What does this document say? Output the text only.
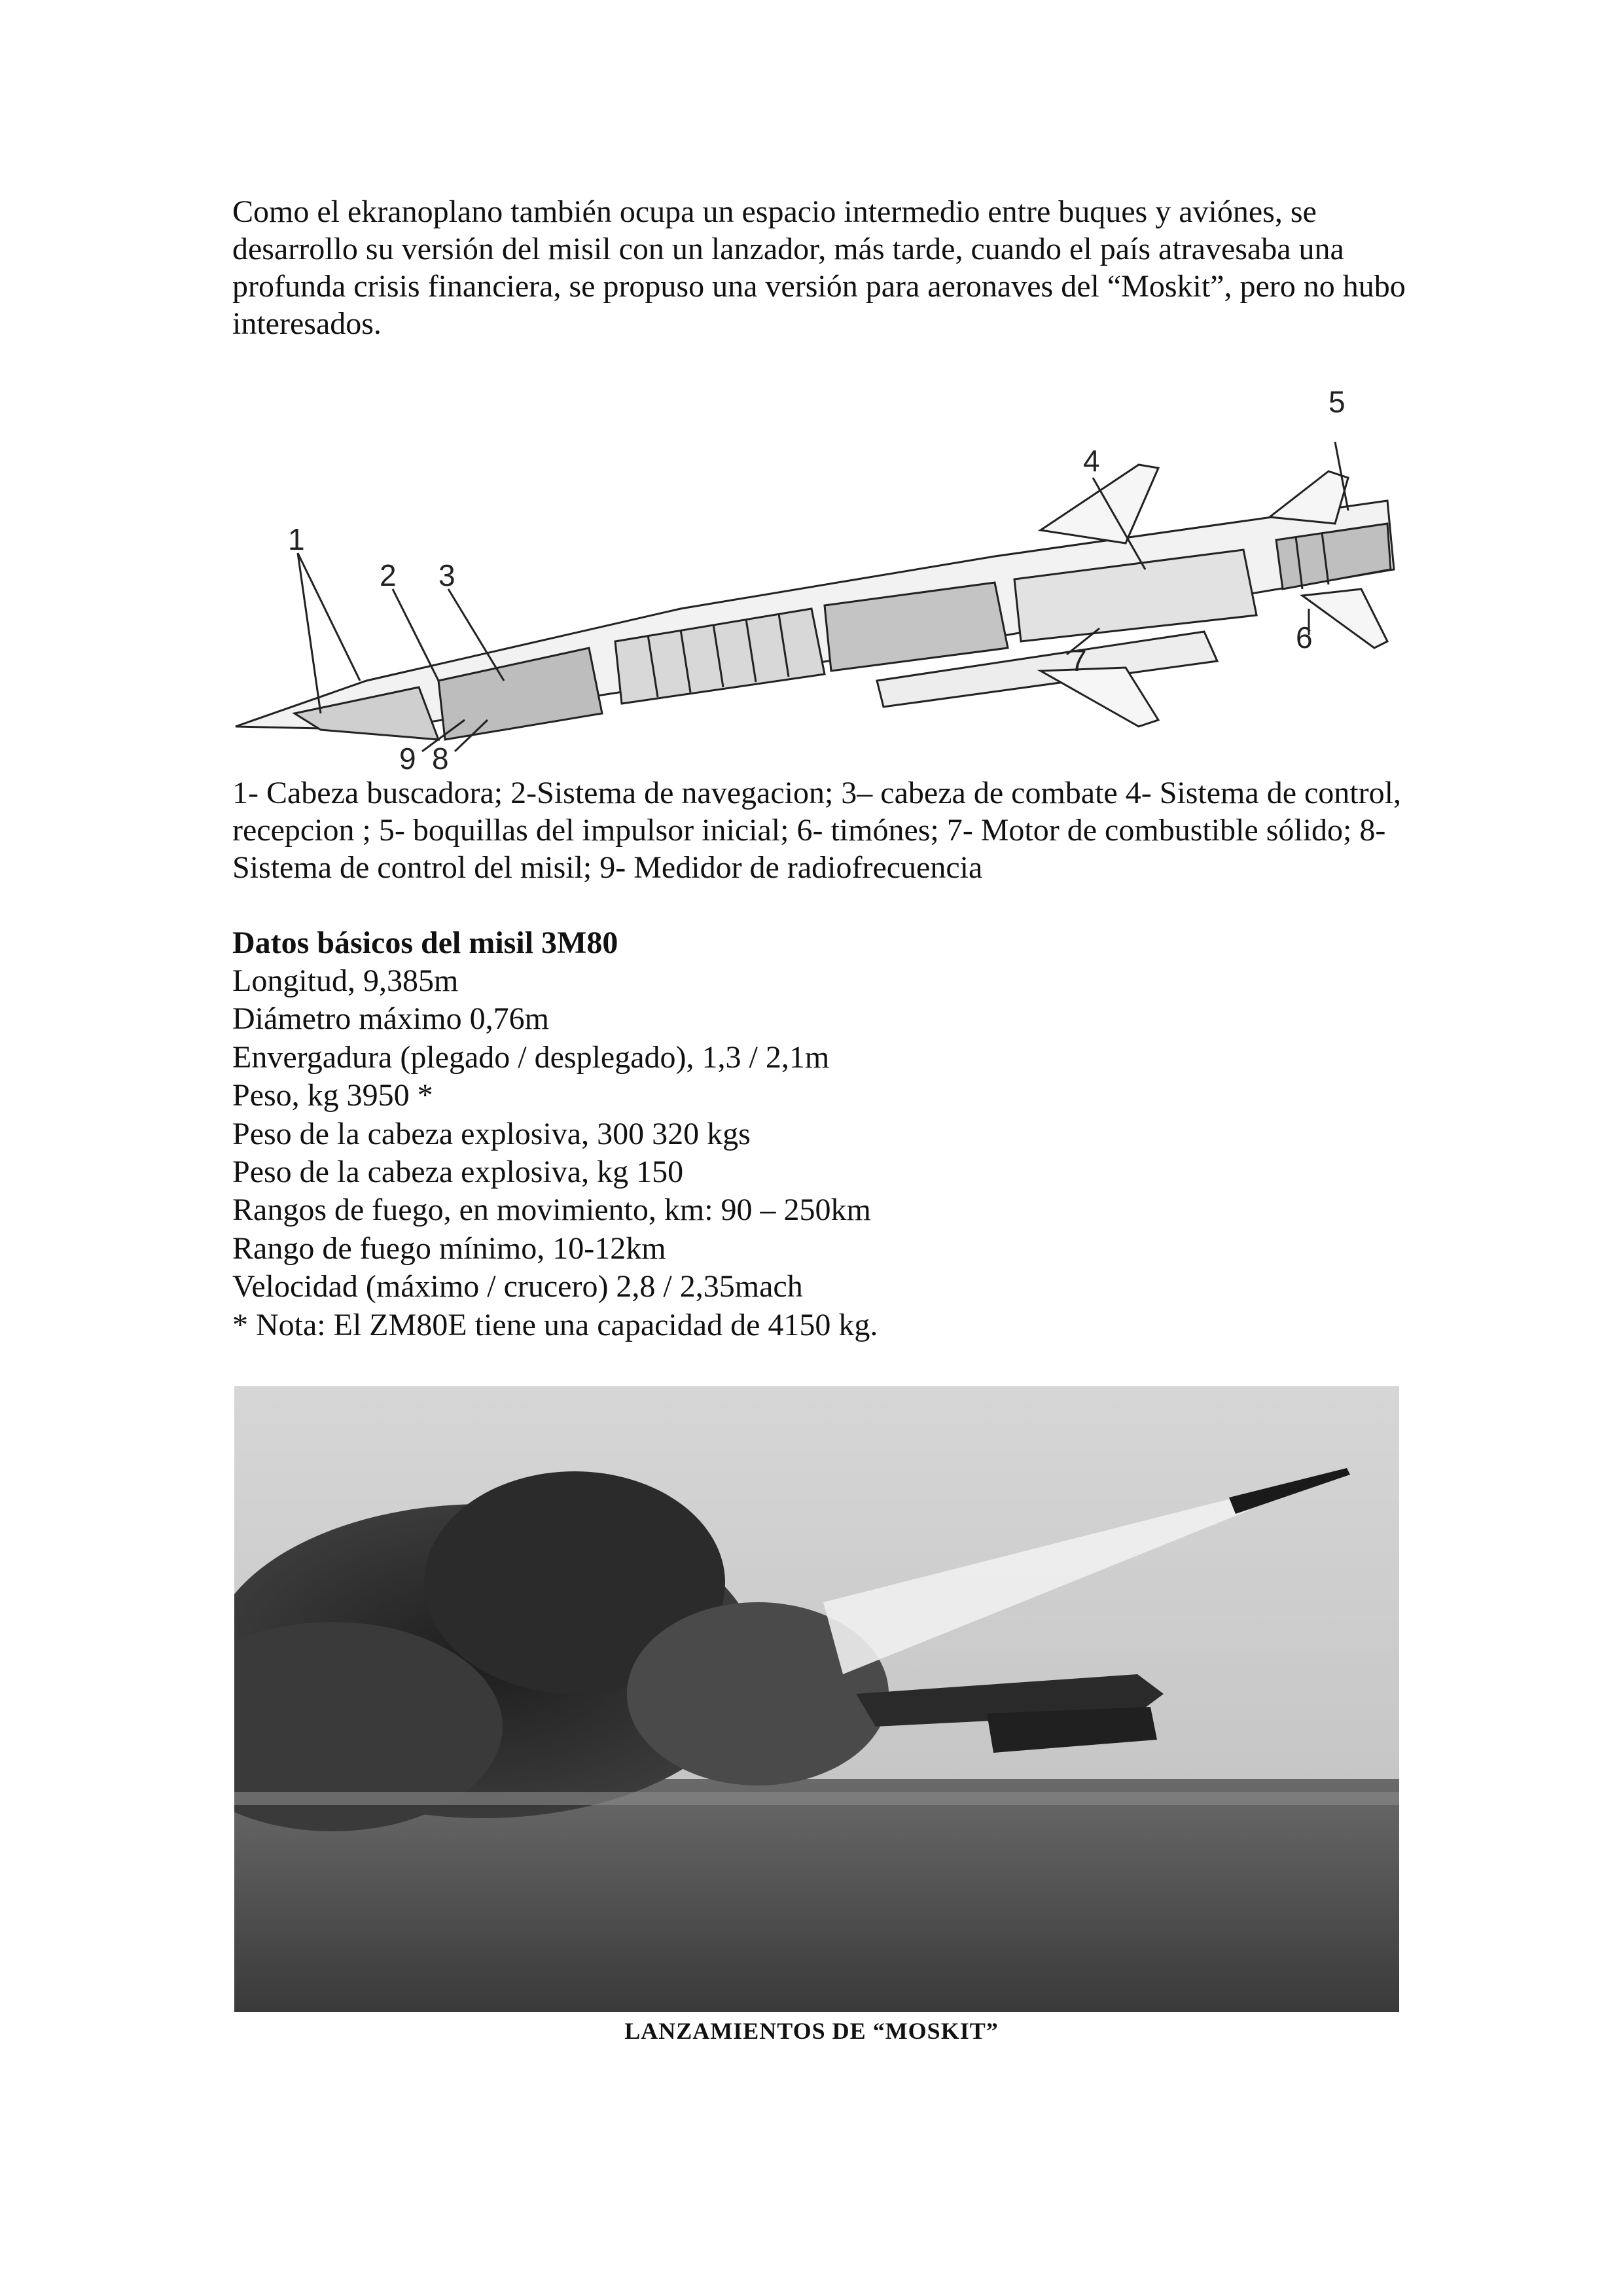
Como el ekranoplano también ocupa un espacio intermedio entre buques y aviónes, se desarrollo su versión del misil con un lanzador, más tarde, cuando el país atravesaba una profunda crisis financiera, se propuso una versión para aeronaves del “Moskit”, pero no hubo interesados.

1
2 3
4
5
6
7
8
9

1- Cabeza buscadora; 2-Sistema de navegacion; 3– cabeza de combate 4- Sistema de control, recepcion ; 5- boquillas del impulsor inicial; 6- timónes; 7- Motor de combustible sólido; 8- Sistema de control del misil; 9- Medidor de radiofrecuencia

Datos básicos del misil 3M80
Longitud, 9,385m
Diámetro máximo 0,76m
Envergadura (plegado / desplegado), 1,3 / 2,1m
Peso, kg 3950 *
Peso de la cabeza explosiva, 300 320 kgs
Peso de la cabeza explosiva, kg 150
Rangos de fuego, en movimiento, km: 90 – 250km
Rango de fuego mínimo, 10-12km
Velocidad (máximo / crucero) 2,8 / 2,35mach
* Nota: El ZM80E tiene una capacidad de 4150 kg.
LANZAMIENTOS DE “MOSKIT”
